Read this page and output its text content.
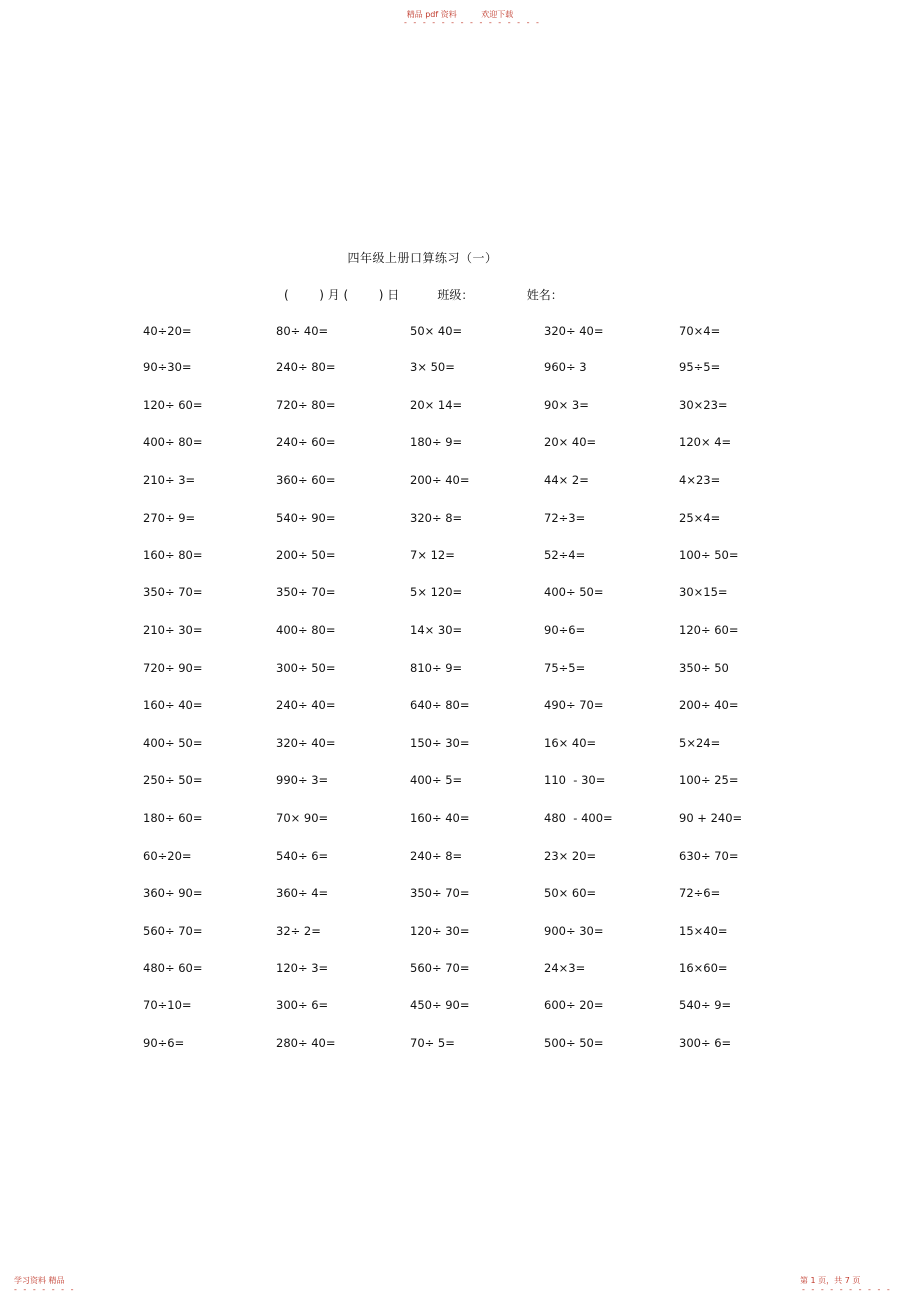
精品 pdf 资料	欢迎下载
- - - - - - - - - - - - - - -
四年级上册口算练习（一）
(        ) 月 (        ) 日          班级：              姓名：
40÷20=	80÷ 40=	50× 40=	320÷ 40=	70×4=
90÷30=	240÷ 80=	3× 50=	960÷ 3	95÷5=
120÷ 60=	720÷ 80=	20× 14=	90× 3=	30×23=
400÷ 80=	240÷ 60=	180÷ 9=	20× 40=	120× 4=
210÷ 3=	360÷ 60=	200÷ 40=	44× 2=	4×23=
270÷ 9=	540÷ 90=	320÷ 8=	72÷3=	25×4=
160÷ 80=	200÷ 50=	7× 12=	52÷4=	100÷ 50=
350÷ 70=	350÷ 70=	5× 120=	400÷ 50=	30×15=
210÷ 30=	400÷ 80=	14× 30=	90÷6=	120÷ 60=
720÷ 90=	300÷ 50=	810÷ 9=	75÷5=	350÷ 50
160÷ 40=	240÷ 40=	640÷ 80=	490÷ 70=	200÷ 40=
400÷ 50=	320÷ 40=	150÷ 30=	16× 40=	5×24=
250÷ 50=	990÷ 3=	400÷ 5=	110  - 30=	100÷ 25=
180÷ 60=	70× 90=	160÷ 40=	480  - 400=	90 + 240=
60÷20=	540÷ 6=	240÷ 8=	23× 20=	630÷ 70=
360÷ 90=	360÷ 4=	350÷ 70=	50× 60=	72÷6=
560÷ 70=	32÷ 2=	120÷ 30=	900÷ 30=	15×40=
480÷ 60=	120÷ 3=	560÷ 70=	24×3=	16×60=
70÷10=	300÷ 6=	450÷ 90=	600÷ 20=	540÷ 9=
90÷6=	280÷ 40=	70÷ 5=	500÷ 50=	300÷ 6=
学习资料 精品	第 1 页，共 7 页
- - - - - - -	- - - - - - - - - -
